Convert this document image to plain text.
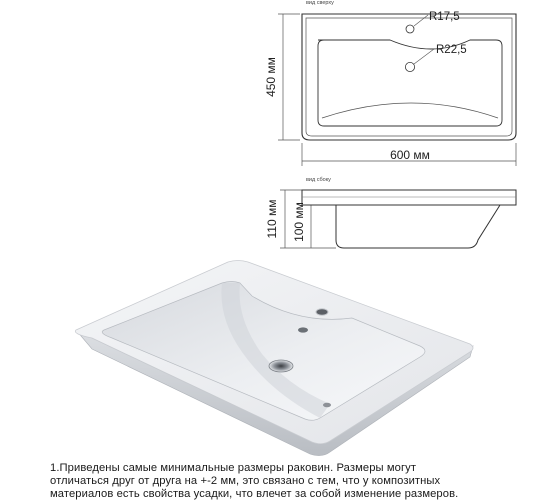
вид сверху
R17,5
R22,5
450 мм
600 мм
вид сбоку
110 мм 100 мм
1.Приведены самые минимальные размеры раковин. Размеры могут
отличаться друг от друга на +-2 мм, это связано с тем, что у композитных
материалов есть свойства усадки, что влечет за собой изменение размеров.
